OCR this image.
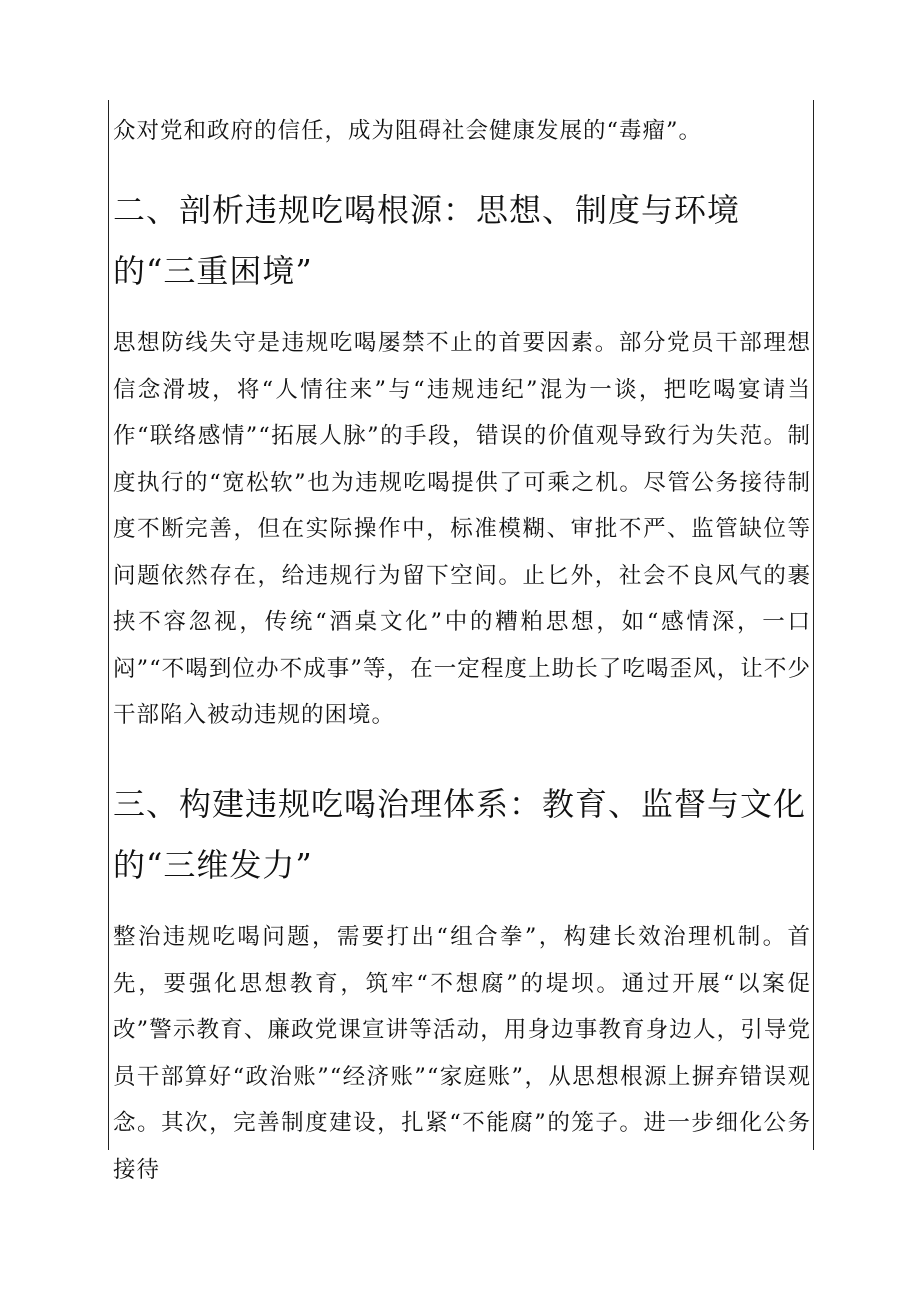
众对党和政府的信任，成为阻碍社会健康发展的“毒瘤”。

二、剖析违规吃喝根源：思想、制度与环境的“三重困境”

思想防线失守是违规吃喝屡禁不止的首要因素。部分党员干部理想信念滑坡，将“人情往来”与“违规违纪”混为一谈，把吃喝宴请当作“联络感情”“拓展人脉”的手段，错误的价值观导致行为失范。制度执行的“宽松软”也为违规吃喝提供了可乘之机。尽管公务接待制度不断完善，但在实际操作中，标准模糊、审批不严、监管缺位等问题依然存在，给违规行为留下空间。止匕外，社会不良风气的裹挟不容忽视，传统“酒桌文化”中的糟粕思想，如“感情深，一口闷”“不喝到位办不成事”等，在一定程度上助长了吃喝歪风，让不少干部陷入被动违规的困境。

三、构建违规吃喝治理体系：教育、监督与文化的“三维发力”

整治违规吃喝问题，需要打出“组合拳”，构建长效治理机制。首先，要强化思想教育，筑牢“不想腐”的堤坝。通过开展“以案促改”警示教育、廉政党课宣讲等活动，用身边事教育身边人，引导党员干部算好“政治账”“经济账”“家庭账”，从思想根源上摒弃错误观念。其次，完善制度建设，扎紧“不能腐”的笼子。进一步细化公务接待
